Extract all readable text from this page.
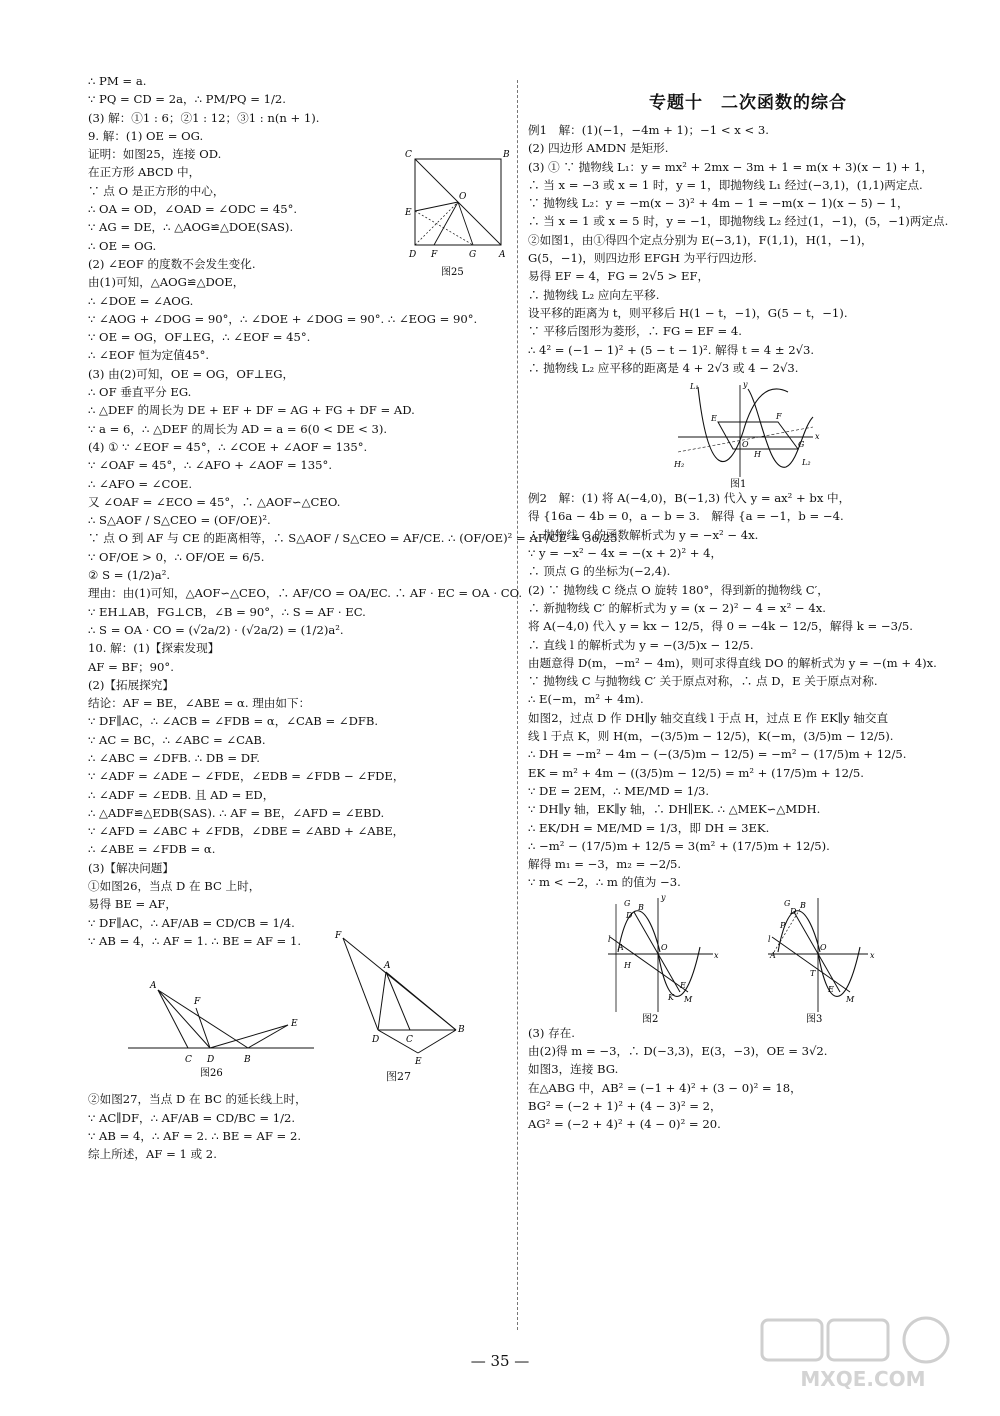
∴ PM = a.
∵ PQ = CD = 2a，∴ PM/PQ = 1/2.
(3) 解：①1 : 6；②1 : 12；③1 : n(n + 1).
9. 解：(1) OE = OG.
证明：如图25，连接 OD.
在正方形 ABCD 中，
∵ 点 O 是正方形的中心，
∴ OA = OD，∠OAD = ∠ODC = 45°.
∵ AG = DE，∴ △AOG≌△DOE(SAS).
∴ OE = OG.
(2) ∠EOF 的度数不会发生变化.
由(1)可知，△AOG≌△DOE，
∴ ∠DOE = ∠AOG.
∵ ∠AOG + ∠DOG = 90°，∴ ∠DOE + ∠DOG = 90°. ∴ ∠EOG = 90°.
∵ OE = OG，OF⊥EG，∴ ∠EOF = 45°.
∴ ∠EOF 恒为定值45°.
(3) 由(2)可知，OE = OG，OF⊥EG，
∴ OF 垂直平分 EG.
∴ △DEF 的周长为 DE + EF + DF = AG + FG + DF = AD.
∵ a = 6，∴ △DEF 的周长为 AD = a = 6(0 < DE < 3).
(4) ① ∵ ∠EOF = 45°，∴ ∠COE + ∠AOF = 135°.
∵ ∠OAF = 45°，∴ ∠AFO + ∠AOF = 135°.
∴ ∠AFO = ∠COE.
又 ∠OAF = ∠ECO = 45°，∴ △AOF∽△CEO.
∴ S△AOF / S△CEO = (OF/OE)².
∵ 点 O 到 AF 与 CE 的距离相等，∴ S△AOF / S△CEO = AF/CE. ∴ (OF/OE)² = AF/CE = 36/25.
∵ OF/OE > 0，∴ OF/OE = 6/5.
② S = (1/2)a².
理由：由(1)可知，△AOF∽△CEO，∴ AF/CO = OA/EC. ∴ AF · EC = OA · CO.
∵ EH⊥AB，FG⊥CB，∠B = 90°，∴ S = AF · EC.
∴ S = OA · CO = (√2a/2) · (√2a/2) = (1/2)a².
C	B
O
E
D F	G	A
图25
10. 解：(1)【探索发现】
AF = BF；90°.
(2)【拓展探究】
结论：AF = BE，∠ABE = α. 理由如下：
∵ DF∥AC，∴ ∠ACB = ∠FDB = α，∠CAB = ∠DFB.
∵ AC = BC，∴ ∠ABC = ∠CAB.
∴ ∠ABC = ∠DFB. ∴ DB = DF.
∵ ∠ADF = ∠ADE − ∠FDE，∠EDB = ∠FDB − ∠FDE，
∴ ∠ADF = ∠EDB. 且 AD = ED，
∴ △ADF≌△EDB(SAS). ∴ AF = BE，∠AFD = ∠EBD.
∵ ∠AFD = ∠ABC + ∠FDB，∠DBE = ∠ABD + ∠ABE，
∴ ∠ABE = ∠FDB = α.
(3)【解决问题】
①如图26，当点 D 在 BC 上时，
易得 BE = AF，
∵ DF∥AC，∴ AF/AB = CD/CB = 1/4.
∵ AB = 4，∴ AF = 1. ∴ BE = AF = 1.
A
F
E
C D	B
图26
F
A
D	C
B
E
图27
②如图27，当点 D 在 BC 的延长线上时，
∵ AC∥DF，∴ AF/AB = CD/BC = 1/2.
∵ AB = 4，∴ AF = 2. ∴ BE = AF = 2.
综上所述，AF = 1 或 2.
专题十　二次函数的综合
例1　解：(1)(−1，−4m + 1)；−1 < x < 3.
(2) 四边形 AMDN 是矩形.
(3) ① ∵ 抛物线 L₁：y = mx² + 2mx − 3m + 1 = m(x + 3)(x − 1) + 1，
∴ 当 x = −3 或 x = 1 时，y = 1，即抛物线 L₁ 经过(−3,1)，(1,1)两定点.
∵ 抛物线 L₂：y = −m(x − 3)² + 4m − 1 = −m(x − 1)(x − 5) − 1，
∴ 当 x = 1 或 x = 5 时，y = −1，即抛物线 L₂ 经过(1，−1)，(5，−1)两定点.
②如图1，由①得四个定点分别为 E(−3,1)，F(1,1)，H(1，−1)，
G(5，−1)，则四边形 EFGH 为平行四边形.
易得 EF = 4，FG = 2√5 > EF，
∴ 抛物线 L₂ 应向左平移.
设平移的距离为 t，则平移后 H(1 − t，−1)，G(5 − t，−1).
∵ 平移后图形为菱形，∴ FG = EF = 4.
∴ 4² = (−1 − 1)² + (5 − t − 1)². 解得 t = 4 ± 2√3.
∴ 抛物线 L₂ 应平移的距离是 4 + 2√3 或 4 − 2√3.
L₁	y
E	F
O
H
G
x
L₂
H₂
图1
例2　解：(1) 将 A(−4,0)，B(−1,3) 代入 y = ax² + bx 中，
得 {16a − 4b = 0，a − b = 3.　解得 {a = −1，b = −4.
∴ 抛物线 C 的函数解析式为 y = −x² − 4x.
∵ y = −x² − 4x = −(x + 2)² + 4，
∴ 顶点 G 的坐标为(−2,4).
(2) ∵ 抛物线 C 绕点 O 旋转 180°，得到新的抛物线 C′，
∴ 新抛物线 C′ 的解析式为 y = (x − 2)² − 4 = x² − 4x.
将 A(−4,0) 代入 y = kx − 12/5，得 0 = −4k − 12/5，解得 k = −3/5.
∴ 直线 l 的解析式为 y = −(3/5)x − 12/5.
由题意得 D(m，−m² − 4m)，则可求得直线 DO 的解析式为 y = −(m + 4)x.
∵ 抛物线 C 与抛物线 C′ 关于原点对称，∴ 点 D，E 关于原点对称.
∴ E(−m，m² + 4m).
如图2，过点 D 作 DH∥y 轴交直线 l 于点 H，过点 E 作 EK∥y 轴交直
线 l 于点 K，则 H(m，−(3/5)m − 12/5)，K(−m，(3/5)m − 12/5).
∴ DH = −m² − 4m − (−(3/5)m − 12/5) = −m² − (17/5)m + 12/5.
EK = m² + 4m − ((3/5)m − 12/5) = m² + (17/5)m + 12/5.
∵ DE = 2EM，∴ ME/MD = 1/3.
∵ DH∥y 轴，EK∥y 轴，∴ DH∥EK. ∴ △MEK∽△MDH.
∴ EK/DH = ME/MD = 1/3，即 DH = 3EK.
∴ −m² − (17/5)m + 12/5 = 3(m² + (17/5)m + 12/5).
解得 m₁ = −3，m₂ = −2/5.
∵ m < −2，∴ m 的值为 −3.
G
D
B
y
l
A	O
H
x
E
K M
图2
G
D
B
P
l
A
O
x
T
E
M
图3
(3) 存在.
由(2)得 m = −3，∴ D(−3,3)，E(3，−3)，OE = 3√2.
如图3，连接 BG.
在△ABG 中，AB² = (−1 + 4)² + (3 − 0)² = 18，
BG² = (−2 + 1)² + (4 − 3)² = 2，
AG² = (−2 + 4)² + (4 − 0)² = 20.
— 35 —
MXQE.COM
